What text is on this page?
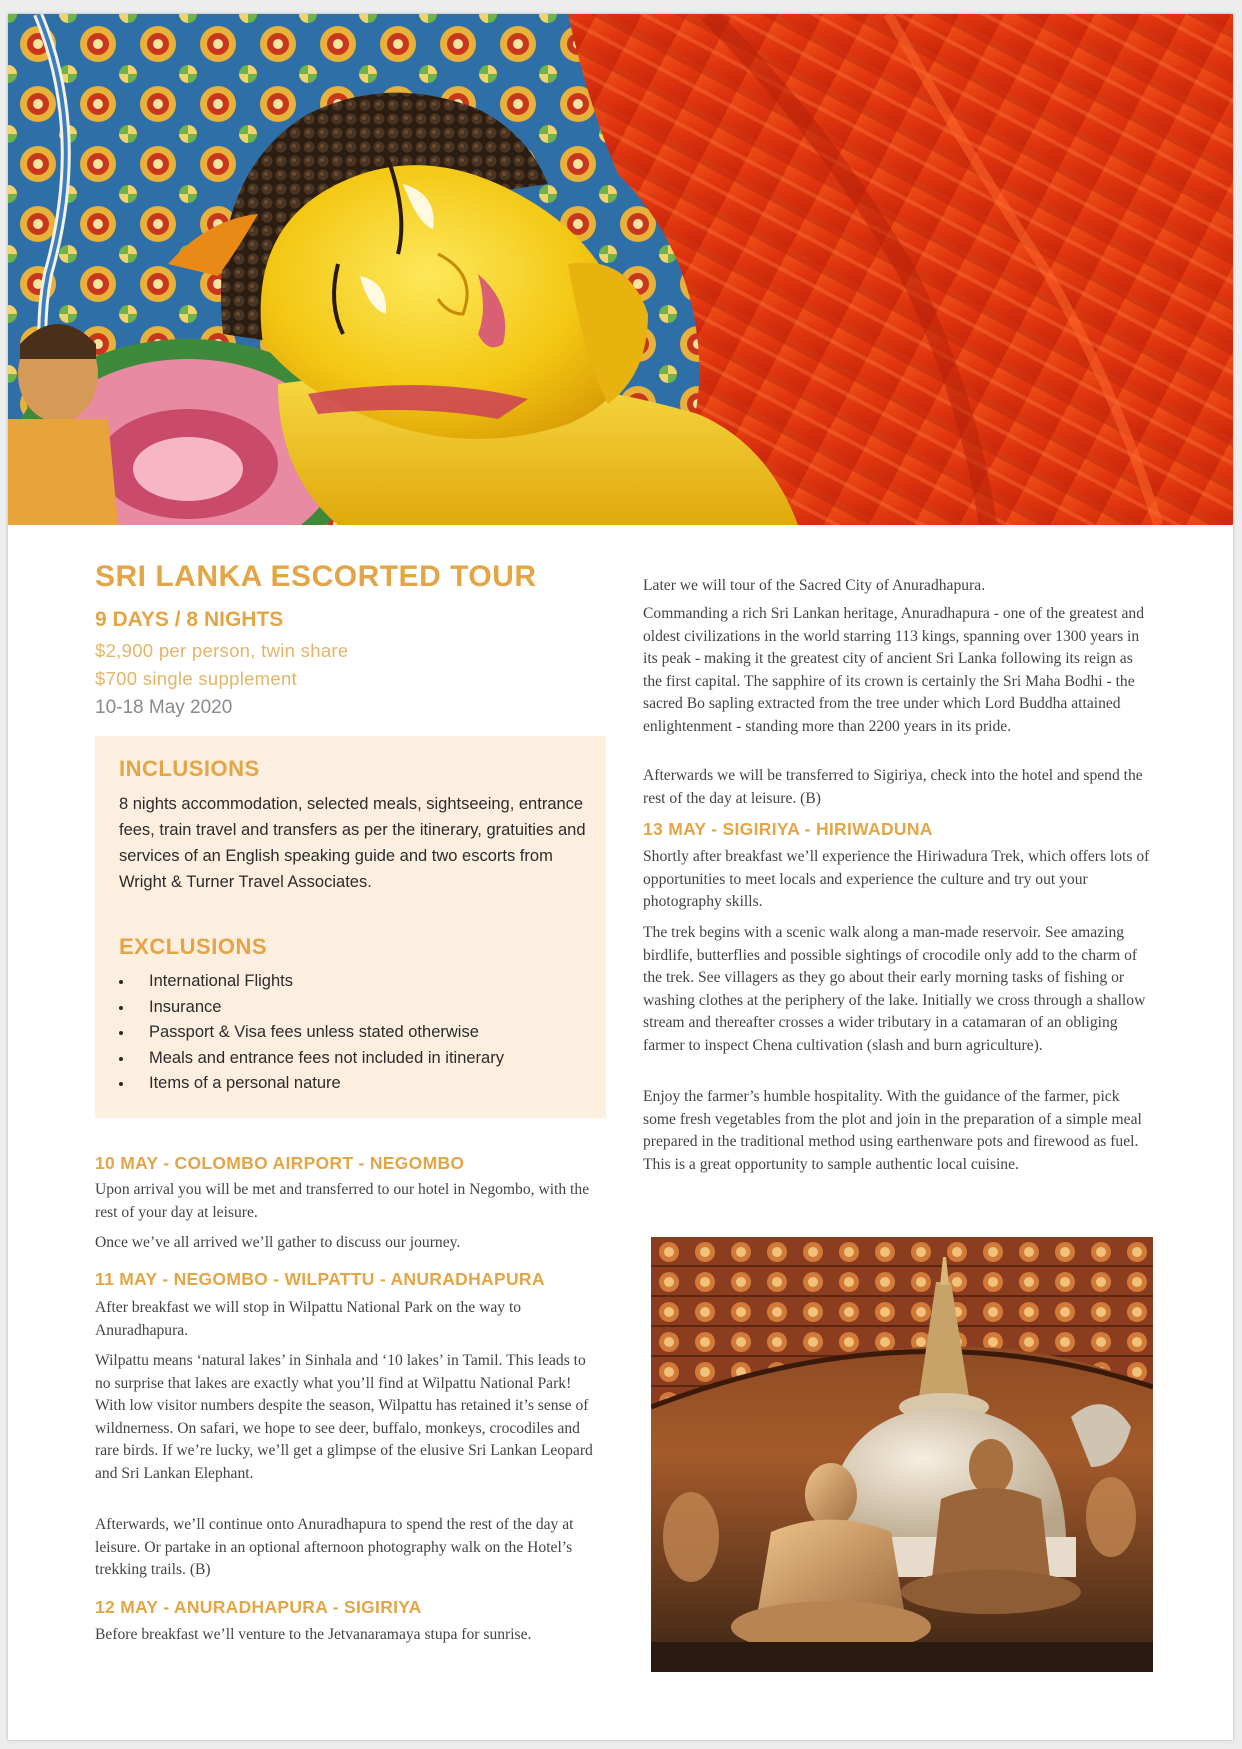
SRI LANKA ESCORTED TOUR
9 DAYS / 8 NIGHTS

$2,900 per person, twin share

$700 single supplement

10-18 May 2020

INCLUSIONS

8 nights accommodation, selected meals, sightseeing, entrance fees, train travel and transfers as per the itinerary, gratuities and services of an English speaking guide and two escorts from Wright & Turner Travel Associates.

EXCLUSIONS
International Flights
Insurance
Passport & Visa fees unless stated otherwise
Meals and entrance fees not included in itinerary
Items of a personal nature
10 MAY - COLOMBO AIRPORT - NEGOMBO

Upon arrival you will be met and transferred to our hotel in Negombo, with the rest of your day at leisure.

Once we’ve all arrived we’ll gather to discuss our journey.

11 MAY - NEGOMBO - WILPATTU - ANURADHAPURA

After breakfast we will stop in Wilpattu National Park on the way to Anuradhapura.

Wilpattu means ‘natural lakes’ in Sinhala and ‘10 lakes’ in Tamil. This leads to no surprise that lakes are exactly what you’ll find at Wilpattu National Park! With low visitor numbers despite the season, Wilpattu has retained it’s sense of wildnerness. On safari, we hope to see deer, buffalo, monkeys, crocodiles and rare birds. If we’re lucky, we’ll get a glimpse of the elusive Sri Lankan Leopard and Sri Lankan Elephant.

Afterwards, we’ll continue onto Anuradhapura to spend the rest of the day at leisure. Or partake in an optional afternoon photography walk on the Hotel’s trekking trails. (B)

12 MAY - ANURADHAPURA - SIGIRIYA

Before breakfast we’ll venture to the Jetvanaramaya stupa for sunrise.

Later we will tour of the Sacred City of Anuradhapura.

Commanding a rich Sri Lankan heritage, Anuradhapura - one of the greatest and oldest civilizations in the world starring 113 kings, spanning over 1300 years in its peak - making it the greatest city of ancient Sri Lanka following its reign as the first capital. The sapphire of its crown is certainly the Sri Maha Bodhi - the sacred Bo sapling extracted from the tree under which Lord Buddha attained enlightenment - standing more than 2200 years in its pride.

Afterwards we will be transferred to Sigiriya, check into the hotel and spend the rest of the day at leisure. (B)

13 MAY - SIGIRIYA - HIRIWADUNA

Shortly after breakfast we’ll experience the Hiriwadura Trek, which offers lots of opportunities to meet locals and experience the culture and try out your photography skills.

The trek begins with a scenic walk along a man-made reservoir. See amazing birdlife, butterflies and possible sightings of crocodile only add to the charm of the trek. See villagers as they go about their early morning tasks of fishing or washing clothes at the periphery of the lake. Initially we cross through a shallow stream and thereafter crosses a wider tributary in a catamaran of an obliging farmer to inspect Chena cultivation (slash and burn agriculture).

Enjoy the farmer’s humble hospitality. With the guidance of the farmer, pick some fresh vegetables from the plot and join in the preparation of a simple meal prepared in the traditional method using earthenware pots and firewood as fuel. This is a great opportunity to sample authentic local cuisine.
